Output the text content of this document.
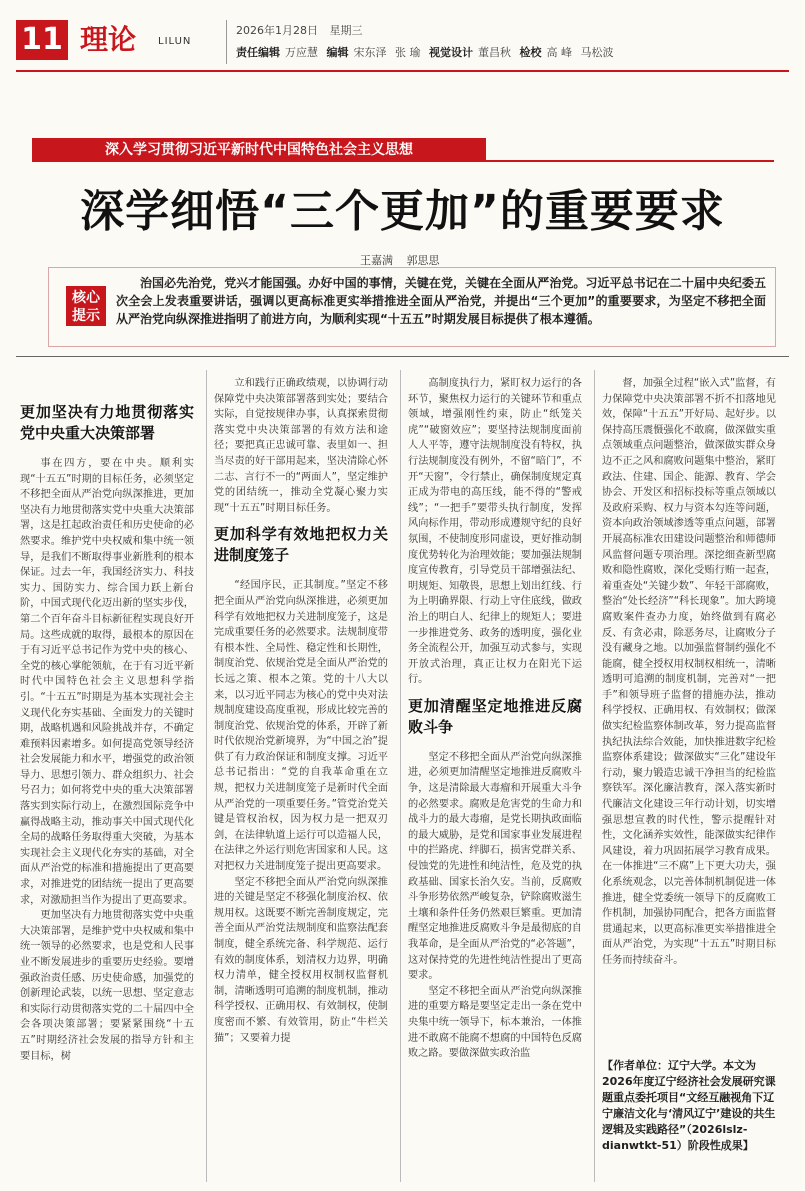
11 理论 LILUN
2026年1月28日 星期三
责任编辑 万应慧 编辑 宋东泽 张 瑜 视觉设计 董昌秋 检校 高 峰 马松波
深入学习贯彻习近平新时代中国特色社会主义思想
深学细悟“三个更加”的重要要求
王嘉满 郭思思
核心提示
治国必先治党，党兴才能国强。办好中国的事情，关键在党，关键在全面从严治党。习近平总书记在二十届中央纪委五次全会上发表重要讲话，强调以更高标准更实举措推进全面从严治党，并提出“三个更加”的重要要求，为坚定不移把全面从严治党向纵深推进指明了前进方向，为顺利实现“十五五”时期发展目标提供了根本遵循。
更加坚决有力地贯彻落实党中央重大决策部署

事在四方，要在中央。顺利实现“十五五”时期的目标任务，必须坚定不移把全面从严治党向纵深推进，更加坚决有力地贯彻落实党中央重大决策部署，这是扛起政治责任和历史使命的必然要求。维护党中央权威和集中统一领导，是我们不断取得事业新胜利的根本保证。过去一年，我国经济实力、科技实力、国防实力、综合国力跃上新台阶，中国式现代化迈出新的坚实步伐，第二个百年奋斗目标新征程实现良好开局。这些成就的取得，最根本的原因在于有习近平总书记作为党中央的核心、全党的核心掌舵领航，在于有习近平新时代中国特色社会主义思想科学指引。“十五五”时期是为基本实现社会主义现代化夯实基础、全面发力的关键时期，战略机遇和风险挑战并存，不确定难预料因素增多。如何提高党领导经济社会发展能力和水平，增强党的政治领导力、思想引领力、群众组织力、社会号召力；如何将党中央的重大决策部署落实到实际行动上，在激烈国际竞争中赢得战略主动，推动事关中国式现代化全局的战略任务取得重大突破，为基本实现社会主义现代化夯实的基础，对全面从严治党的标准和措施提出了更高要求，对推进党的团结统一提出了更高要求，对激励担当作为提出了更高要求。

更加坚决有力地贯彻落实党中央重大决策部署，是维护党中央权威和集中统一领导的必然要求，也是党和人民事业不断发展进步的重要历史经验。要增强政治责任感、历史使命感，加强党的创新理论武装，以统一思想、坚定意志和实际行动贯彻落实党的二十届四中全会各项决策部署；要紧紧围绕“十五五”时期经济社会发展的指导方针和主要目标，树

立和践行正确政绩观，以协调行动保障党中央决策部署落到实处；要结合实际，自觉按规律办事，认真探索贯彻落实党中央决策部署的有效方法和途径；要把真正忠诚可靠、表里如一、担当尽责的好干部用起来，坚决清除心怀二志、言行不一的“两面人”，坚定维护党的团结统一，推动全党凝心聚力实现“十五五”时期目标任务。

更加科学有效地把权力关进制度笼子

“经国序民，正其制度。”坚定不移把全面从严治党向纵深推进，必须更加科学有效地把权力关进制度笼子，这是完成重要任务的必然要求。法规制度带有根本性、全局性、稳定性和长期性，制度治党、依规治党是全面从严治党的长远之策、根本之策。党的十八大以来，以习近平同志为核心的党中央对法规制度建设高度重视，形成比较完善的制度治党、依规治党的体系，开辟了新时代依规治党新境界，为“中国之治”提供了有力政治保证和制度支撑。习近平总书记指出：“党的自我革命重在立规，把权力关进制度笼子是新时代全面从严治党的一项重要任务。”管党治党关键是管权治权，因为权力是一把双刃剑，在法律轨道上运行可以造福人民，在法律之外运行则危害国家和人民。这对把权力关进制度笼子提出更高要求。

坚定不移把全面从严治党向纵深推进的关键是坚定不移强化制度治权、依规用权。这既要不断完善制度规定，完善全面从严治党法规制度和监察法配套制度，健全系统完备、科学规范、运行有效的制度体系，划清权力边界，明确权力清单，健全授权用权制权监督机制，清晰透明可追溯的制度机制，推动科学授权、正确用权、有效制权，使制度密而不繁、有效管用，防止“牛栏关猫”；又要着力提

高制度执行力，紧盯权力运行的各环节，聚焦权力运行的关键环节和重点领域，增强刚性约束，防止“纸笼关虎”“破窗效应”；要坚持法规制度面前人人平等，遵守法规制度没有特权，执行法规制度没有例外，不留“暗门”，不开“天窗”，令行禁止，确保制度规定真正成为带电的高压线，能不得的“警戒线”；“一把手”要带头执行制度，发挥风向标作用，带动形成遵规守纪的良好氛围，不使制度形同虚设，更好推动制度优势转化为治理效能；要加强法规制度宣传教育，引导党员干部增强法纪、明规矩、知敬畏，思想上划出红线、行为上明确界限、行动上守住底线，做政治上的明白人、纪律上的规矩人；要进一步推进党务、政务的透明度，强化业务全流程公开，加强互动式参与，实现开放式治理，真正让权力在阳光下运行。

更加清醒坚定地推进反腐败斗争

坚定不移把全面从严治党向纵深推进，必须更加清醒坚定地推进反腐败斗争，这是清除最大毒瘤和开展重大斗争的必然要求。腐败是危害党的生命力和战斗力的最大毒瘤，是党长期执政面临的最大威胁，是党和国家事业发展进程中的拦路虎、绊脚石，损害党群关系、侵蚀党的先进性和纯洁性，危及党的执政基础、国家长治久安。当前，反腐败斗争形势依然严峻复杂，铲除腐败滋生土壤和条件任务仍然艰巨繁重。更加清醒坚定地推进反腐败斗争是最彻底的自我革命，是全面从严治党的“必答题”，这对保持党的先进性纯洁性提出了更高要求。

坚定不移把全面从严治党向纵深推进的重要方略是要坚定走出一条在党中央集中统一领导下，标本兼治，一体推进不敢腐不能腐不想腐的中国特色反腐败之路。要做深做实政治监

督，加强全过程“嵌入式”监督，有力保障党中央决策部署不折不扣落地见效，保障“十五五”开好局、起好步。以保持高压震慑强化不敢腐，做深做实重点领域重点问题整治，做深做实群众身边不正之风和腐败问题集中整治，紧盯政法、住建、国企、能源、教育、学会协会、开发区和招标投标等重点领域以及政府采购、权力与资本勾连等问题，资本向政治领域渗透等重点问题，部署开展高标准农田建设问题整治和师德师风监督问题专项治理。深挖细查新型腐败和隐性腐败，深化受贿行贿一起查，着重查处“关键少数”、年轻干部腐败，整治“处长经济”“科长现象”。加大跨境腐败案件查办力度，始终做到有腐必反、有贪必肃，除恶务尽，让腐败分子没有藏身之地。以加强监督制约强化不能腐，健全授权用权制权相统一，清晰透明可追溯的制度机制，完善对“一把手”和领导班子监督的措施办法，推动科学授权、正确用权、有效制权；做深做实纪检监察体制改革，努力提高监督执纪执法综合效能，加快推进数字纪检监察体系建设；做深做实“三化”建设年行动，聚力锻造忠诚干净担当的纪检监察铁军。深化廉洁教育，深入落实新时代廉洁文化建设三年行动计划，切实增强思想宣教的时代性，警示提醒针对性，文化涵养实效性，能深做实纪律作风建设，着力巩固拓展学习教育成果。在一体推进“三不腐”上下更大功夫，强化系统观念，以完善体制机制促进一体推进，健全党委统一领导下的反腐败工作机制，加强协同配合，把各方面监督贯通起来，以更高标准更实举措推进全面从严治党，为实现“十五五”时期目标任务而持续奋斗。

【作者单位：辽宁大学。本文为2026年度辽宁经济社会发展研究课题重点委托项目“文经互融视角下辽宁廉洁文化与‘清风辽宁’建设的共生逻辑及实践路径”（2026lslz-dianwtkt-51）阶段性成果】
